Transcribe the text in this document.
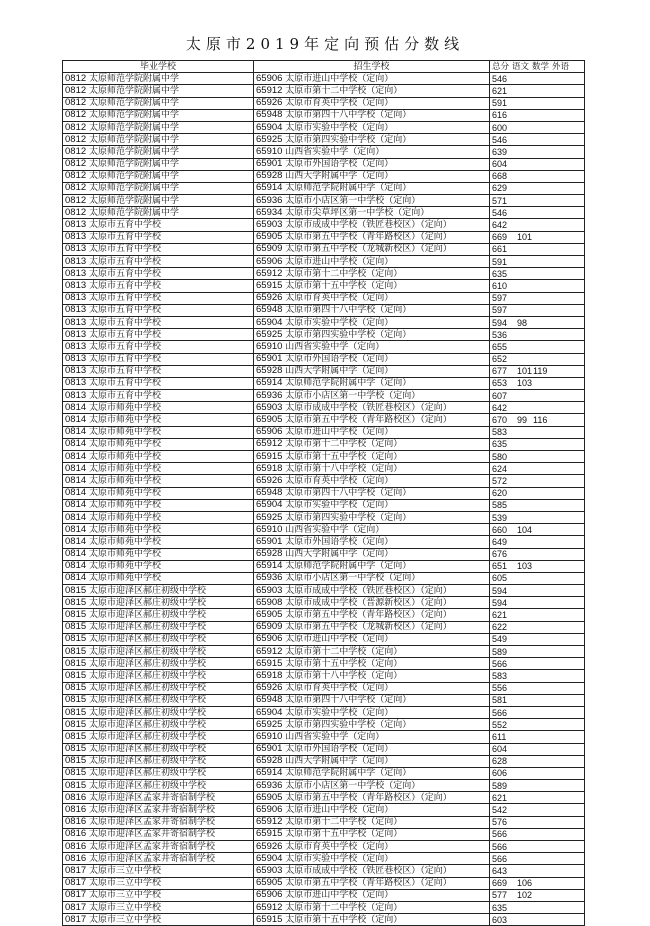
太原市2019年定向预估分数线
毕业学校	招生学校	总分 语文 数学 外语
0812 太原师范学院附属中学	65906 太原市进山中学校（定向）	546
0812 太原师范学院附属中学	65912 太原市第十二中学校（定向）	621
0812 太原师范学院附属中学	65926 太原市育英中学校（定向）	591
0812 太原师范学院附属中学	65948 太原市第四十八中学校（定向）	616
0812 太原师范学院附属中学	65904 太原市实验中学校（定向）	600
0812 太原师范学院附属中学	65925 太原市第四实验中学校（定向）	546
0812 太原师范学院附属中学	65910 山西省实验中学（定向）	639
0812 太原师范学院附属中学	65901 太原市外国语学校（定向）	604
0812 太原师范学院附属中学	65928 山西大学附属中学（定向）	668
0812 太原师范学院附属中学	65914 太原师范学院附属中学（定向）	629
0812 太原师范学院附属中学	65936 太原市小店区第一中学校（定向）	571
0812 太原师范学院附属中学	65934 太原市尖草坪区第一中学校（定向）	546
0813 太原市五育中学校	65903 太原市成成中学校（铁匠巷校区）（定向）	642
0813 太原市五育中学校	65905 太原市第五中学校（青年路校区）（定向）	669 101
0813 太原市五育中学校	65909 太原市第五中学校（龙城新校区）（定向）	661
0813 太原市五育中学校	65906 太原市进山中学校（定向）	591
0813 太原市五育中学校	65912 太原市第十二中学校（定向）	635
0813 太原市五育中学校	65915 太原市第十五中学校（定向）	610
0813 太原市五育中学校	65926 太原市育英中学校（定向）	597
0813 太原市五育中学校	65948 太原市第四十八中学校（定向）	597
0813 太原市五育中学校	65904 太原市实验中学校（定向）	594 98
0813 太原市五育中学校	65925 太原市第四实验中学校（定向）	536
0813 太原市五育中学校	65910 山西省实验中学（定向）	655
0813 太原市五育中学校	65901 太原市外国语学校（定向）	652
0813 太原市五育中学校	65928 山西大学附属中学（定向）	677 101119
0813 太原市五育中学校	65914 太原师范学院附属中学（定向）	653 103
0813 太原市五育中学校	65936 太原市小店区第一中学校（定向）	607
0814 太原市师苑中学校	65903 太原市成成中学校（铁匠巷校区）（定向）	642
0814 太原市师苑中学校	65905 太原市第五中学校（青年路校区）（定向）	670 99 116
0814 太原市师苑中学校	65906 太原市进山中学校（定向）	583
0814 太原市师苑中学校	65912 太原市第十二中学校（定向）	635
0814 太原市师苑中学校	65915 太原市第十五中学校（定向）	580
0814 太原市师苑中学校	65918 太原市第十八中学校（定向）	624
0814 太原市师苑中学校	65926 太原市育英中学校（定向）	572
0814 太原市师苑中学校	65948 太原市第四十八中学校（定向）	620
0814 太原市师苑中学校	65904 太原市实验中学校（定向）	585
0814 太原市师苑中学校	65925 太原市第四实验中学校（定向）	539
0814 太原市师苑中学校	65910 山西省实验中学（定向）	660 104
0814 太原市师苑中学校	65901 太原市外国语学校（定向）	649
0814 太原市师苑中学校	65928 山西大学附属中学（定向）	676
0814 太原市师苑中学校	65914 太原师范学院附属中学（定向）	651 103
0814 太原市师苑中学校	65936 太原市小店区第一中学校（定向）	605
0815 太原市迎泽区郝庄初级中学校	65903 太原市成成中学校（铁匠巷校区）（定向）	594
0815 太原市迎泽区郝庄初级中学校	65908 太原市成成中学校（晋源新校区）（定向）	594
0815 太原市迎泽区郝庄初级中学校	65905 太原市第五中学校（青年路校区）（定向）	621
0815 太原市迎泽区郝庄初级中学校	65909 太原市第五中学校（龙城新校区）（定向）	622
0815 太原市迎泽区郝庄初级中学校	65906 太原市进山中学校（定向）	549
0815 太原市迎泽区郝庄初级中学校	65912 太原市第十二中学校（定向）	589
0815 太原市迎泽区郝庄初级中学校	65915 太原市第十五中学校（定向）	566
0815 太原市迎泽区郝庄初级中学校	65918 太原市第十八中学校（定向）	583
0815 太原市迎泽区郝庄初级中学校	65926 太原市育英中学校（定向）	556
0815 太原市迎泽区郝庄初级中学校	65948 太原市第四十八中学校（定向）	581
0815 太原市迎泽区郝庄初级中学校	65904 太原市实验中学校（定向）	566
0815 太原市迎泽区郝庄初级中学校	65925 太原市第四实验中学校（定向）	552
0815 太原市迎泽区郝庄初级中学校	65910 山西省实验中学（定向）	611
0815 太原市迎泽区郝庄初级中学校	65901 太原市外国语学校（定向）	604
0815 太原市迎泽区郝庄初级中学校	65928 山西大学附属中学（定向）	628
0815 太原市迎泽区郝庄初级中学校	65914 太原师范学院附属中学（定向）	606
0815 太原市迎泽区郝庄初级中学校	65936 太原市小店区第一中学校（定向）	589
0816 太原市迎泽区孟家井寄宿制学校	65905 太原市第五中学校（青年路校区）（定向）	621
0816 太原市迎泽区孟家井寄宿制学校	65906 太原市进山中学校（定向）	542
0816 太原市迎泽区孟家井寄宿制学校	65912 太原市第十二中学校（定向）	576
0816 太原市迎泽区孟家井寄宿制学校	65915 太原市第十五中学校（定向）	566
0816 太原市迎泽区孟家井寄宿制学校	65926 太原市育英中学校（定向）	566
0816 太原市迎泽区孟家井寄宿制学校	65904 太原市实验中学校（定向）	566
0817 太原市三立中学校	65903 太原市成成中学校（铁匠巷校区）（定向）	643
0817 太原市三立中学校	65905 太原市第五中学校（青年路校区）（定向）	669 106
0817 太原市三立中学校	65906 太原市进山中学校（定向）	577 102
0817 太原市三立中学校	65912 太原市第十二中学校（定向）	635
0817 太原市三立中学校	65915 太原市第十五中学校（定向）	603
